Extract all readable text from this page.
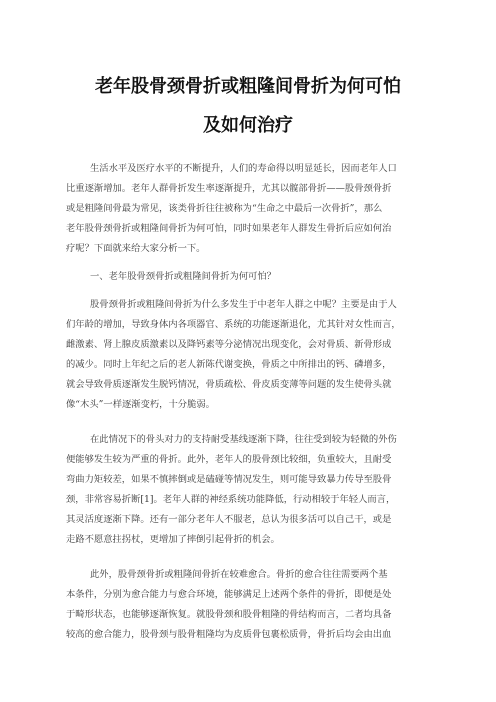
老年股骨颈骨折或粗隆间骨折为何可怕
及如何治疗
生活水平及医疗水平的不断提升，人们的寿命得以明显延长，因而老年人口
比重逐渐增加。老年人群骨折发生率逐渐提升，尤其以髋部骨折——股骨颈骨折
或是粗隆间骨最为常见，该类骨折往往被称为“生命之中最后一次骨折”，那么
老年股骨颈骨折或粗隆间骨折为何可怕，同时如果老年人群发生骨折后应如何治
疗呢？下面就来给大家分析一下。
一、老年股骨颈骨折或粗隆间骨折为何可怕？
股骨颈骨折或粗隆间骨折为什么多发生于中老年人群之中呢？主要是由于人
们年龄的增加，导致身体内各项器官、系统的功能逐渐退化，尤其针对女性而言，
雌激素、肾上腺皮质激素以及降钙素等分泌情况出现变化，会对骨质、新骨形成
的减少。同时上年纪之后的老人新陈代谢变换，骨质之中所排出的钙、磷增多，
就会导致骨质逐渐发生脱钙情况，骨质疏松、骨皮质变薄等问题的发生使骨头就
像“木头”一样逐渐变朽，十分脆弱。
在此情况下的骨头对力的支持耐受基线逐渐下降，往往受到较为轻微的外伤
便能够发生较为严重的骨折。此外，老年人的股骨颈比较细，负重较大，且耐受
弯曲力矩较差，如果不慎摔倒或是磕碰等情况发生，则可能导致暴力传导至股骨
颈，非常容易折断[1]。老年人群的神经系统功能降低，行动相较于年轻人而言，
其灵活度逐渐下降。还有一部分老年人不服老，总认为很多活可以自己干，或是
走路不愿意拄拐杖，更增加了摔倒引起骨折的机会。
此外，股骨颈骨折或粗隆间骨折在较难愈合。骨折的愈合往往需要两个基
本条件，分别为愈合能力与愈合环境，能够满足上述两个条件的骨折，即便是处
于畸形状态，也能够逐渐恢复。就股骨颈和股骨粗隆的骨结构而言，二者均具备
较高的愈合能力，股骨颈与股骨粗隆均为皮质骨包裹松质骨，骨折后均会由出血
